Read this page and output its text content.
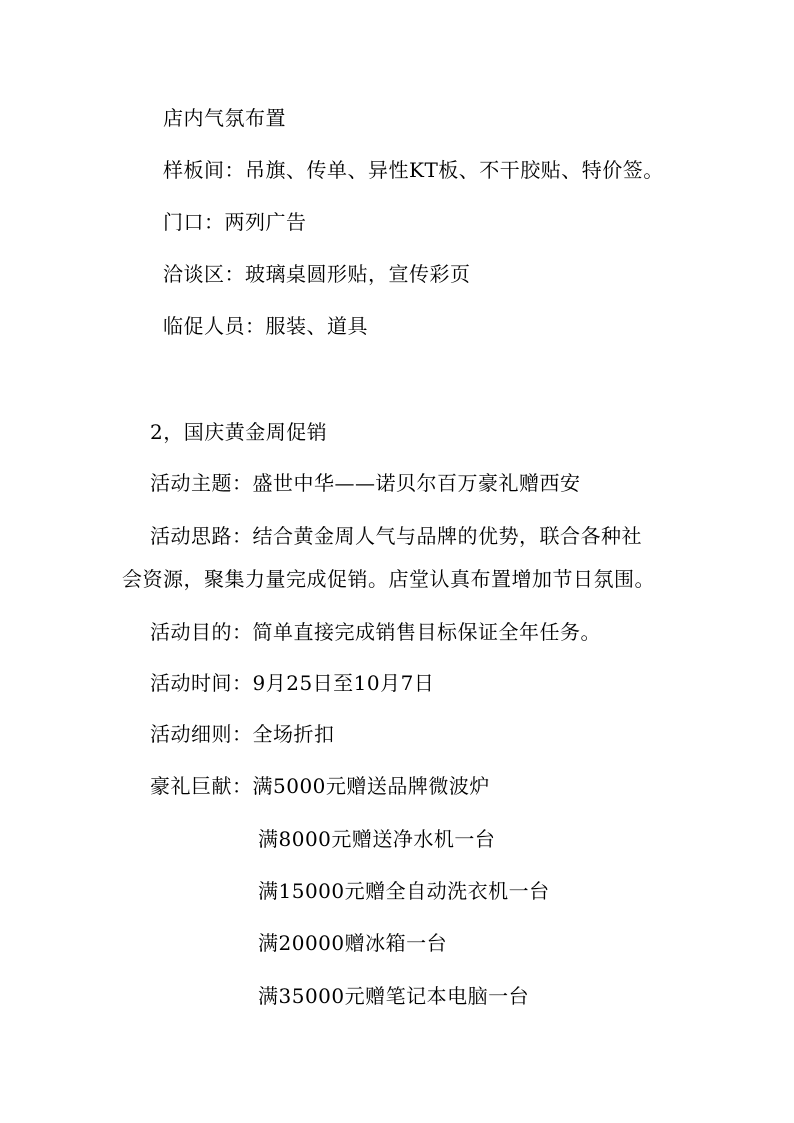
店内气氛布置
样板间：吊旗、传单、异性KT板、不干胶贴、特价签。
门口：两列广告
洽谈区：玻璃桌圆形贴，宣传彩页
临促人员：服装、道具
2，国庆黄金周促销
活动主题：盛世中华——诺贝尔百万豪礼赠西安
活动思路：结合黄金周人气与品牌的优势，联合各种社
会资源，聚集力量完成促销。店堂认真布置增加节日氛围。
活动目的：简单直接完成销售目标保证全年任务。
活动时间：9月25日至10月7日
活动细则：全场折扣
豪礼巨献：满5000元赠送品牌微波炉
满8000元赠送净水机一台
满15000元赠全自动洗衣机一台
满20000赠冰箱一台
满35000元赠笔记本电脑一台
